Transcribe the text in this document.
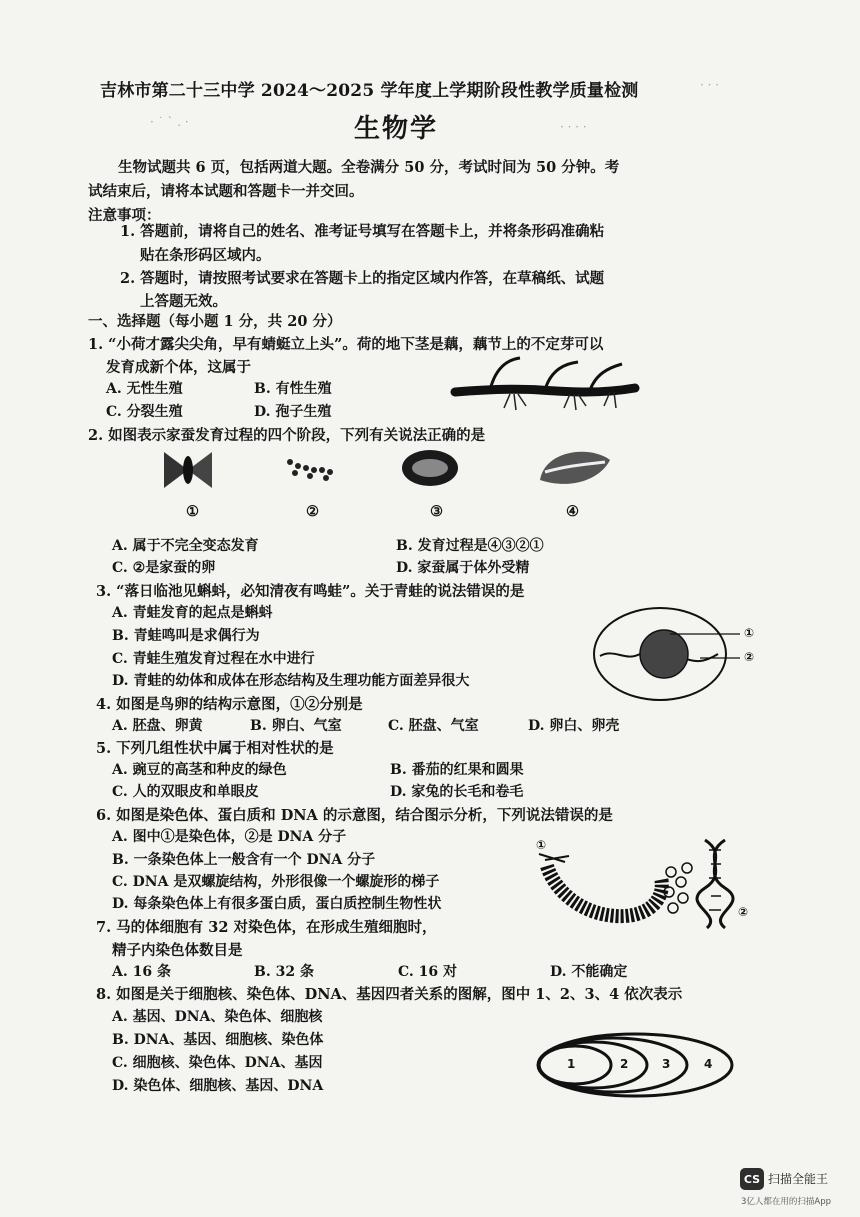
· ˙ ` . ·
· · ·
· · · ·
吉林市第二十三中学 2024～2025 学年度上学期阶段性教学质量检测
生物学
生物试题共 6 页，包括两道大题。全卷满分 50 分，考试时间为 50 分钟。考
试结束后，请将本试题和答题卡一并交回。
注意事项：
1. 答题前，请将自己的姓名、准考证号填写在答题卡上，并将条形码准确粘
贴在条形码区域内。
2. 答题时，请按照考试要求在答题卡上的指定区域内作答，在草稿纸、试题
上答题无效。
一、选择题（每小题 1 分，共 20 分）
1. “小荷才露尖尖角，早有蜻蜓立上头”。荷的地下茎是藕，藕节上的不定芽可以
发育成新个体，这属于
A. 无性生殖	B. 有性生殖
C. 分裂生殖	D. 孢子生殖
2. 如图表示家蚕发育过程的四个阶段，下列有关说法正确的是
①	②	③	④
A. 属于不完全变态发育	B. 发育过程是④③②①
C. ②是家蚕的卵	D. 家蚕属于体外受精
3. “落日临池见蝌蚪，必知清夜有鸣蛙”。关于青蛙的说法错误的是
A. 青蛙发育的起点是蝌蚪
B. 青蛙鸣叫是求偶行为
C. 青蛙生殖发育过程在水中进行
D. 青蛙的幼体和成体在形态结构及生理功能方面差异很大
①
②
4. 如图是鸟卵的结构示意图，①②分别是
A. 胚盘、卵黄	B. 卵白、气室	C. 胚盘、气室	D. 卵白、卵壳
5. 下列几组性状中属于相对性状的是
A. 豌豆的高茎和种皮的绿色	B. 番茄的红果和圆果
C. 人的双眼皮和单眼皮	D. 家兔的长毛和卷毛
6. 如图是染色体、蛋白质和 DNA 的示意图，结合图示分析，下列说法错误的是
A. 图中①是染色体，②是 DNA 分子
B. 一条染色体上一般含有一个 DNA 分子
C. DNA 是双螺旋结构，外形很像一个螺旋形的梯子
D. 每条染色体上有很多蛋白质，蛋白质控制生物性状
①
②
7. 马的体细胞有 32 对染色体，在形成生殖细胞时，
精子内染色体数目是
A. 16 条	B. 32 条	C. 16 对	D. 不能确定
8. 如图是关于细胞核、染色体、DNA、基因四者关系的图解，图中 1、2、3、4 依次表示
A. 基因、DNA、染色体、细胞核
B. DNA、基因、细胞核、染色体
C. 细胞核、染色体、DNA、基因
D. 染色体、细胞核、基因、DNA
1	2	3	4
CS 扫描全能王
3亿人都在用的扫描App
